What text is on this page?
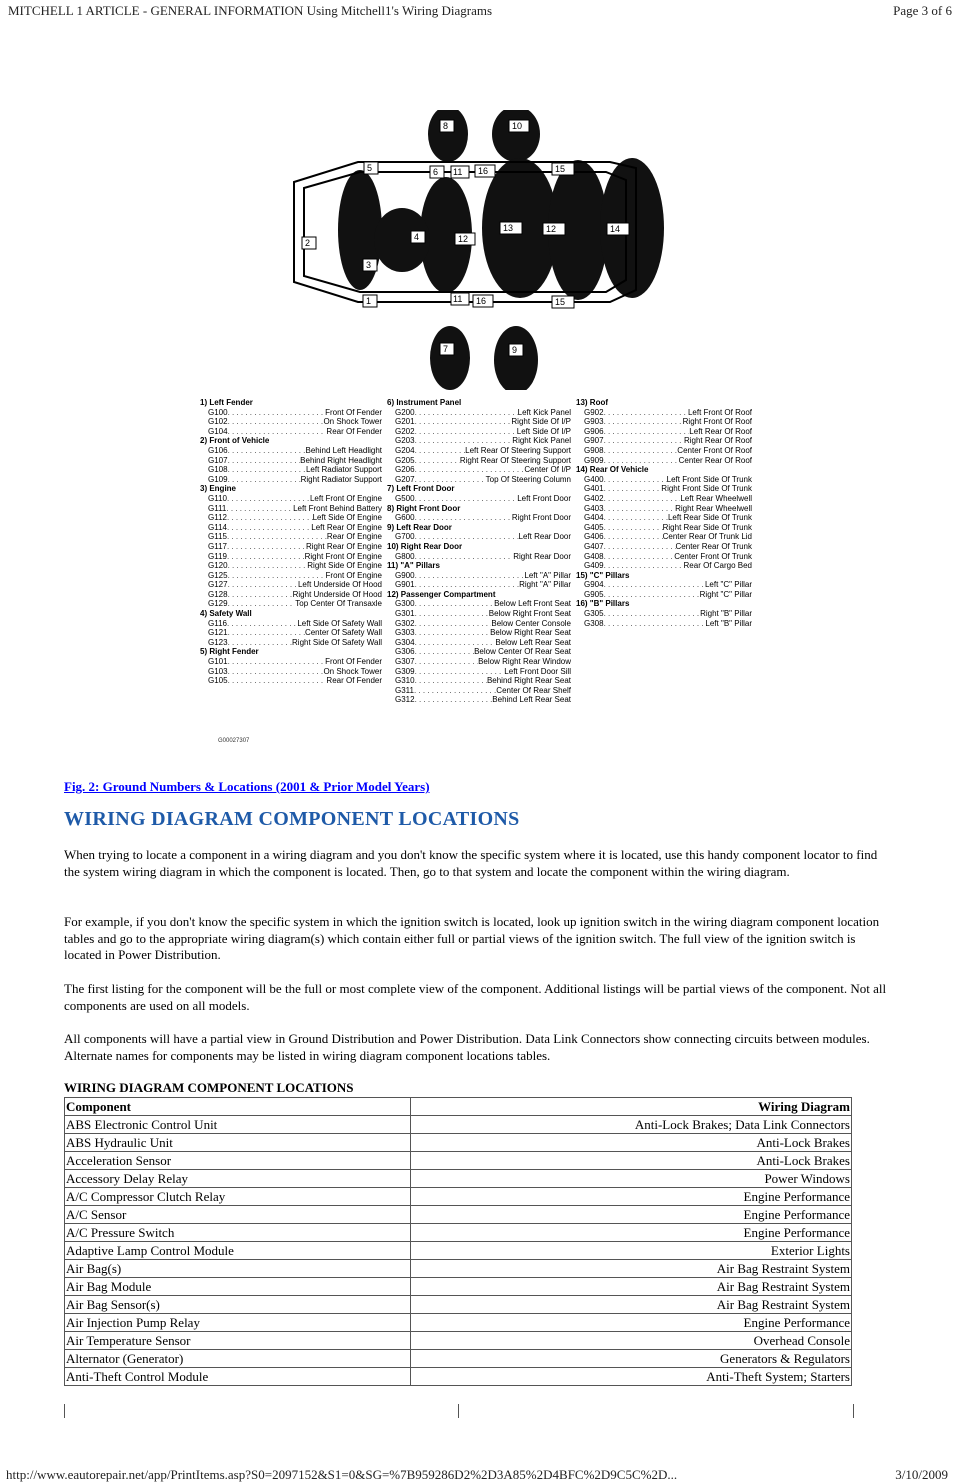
MITCHELL 1 ARTICLE - GENERAL INFORMATION Using Mitchell1's Wiring Diagrams	Page 3 of 6
8	10
5	6 11 16	15
2
4	12
13	12	14
3
1	11 16	15
7	9
1) Left Fender
G100 . . .	Front Of Fender
G102 . . .	On Shock Tower
G104 . . .	Rear Of Fender
2) Front of Vehicle
G106 . . .	Behind Left Headlight
G107 . . .	Behind Right Headlight
G108 . . .	Left Radiator Support
G109 . . .	Right Radiator Support
3) Engine
G110 . . .	Left Front Of Engine
G111 . . .	Left Front Behind Battery
G112 . . .	Left Side Of Engine
G114 . . .	Left Rear Of Engine
G115 . . .	Rear Of Engine
G117 . . .	Right Rear Of Engine
G119 . . .	Right Front Of Engine
G120 . . .	Right Side Of Engine
G125 . . .	Front Of Engine
G127 . . .	Left Underside Of Hood
G128 . . .	Right Underside Of Hood
G129 . . .	Top Center Of Transaxle
4) Safety Wall
G116 . . .	Left Side Of Safety Wall
G121 . . .	Center Of Safety Wall
G123 . . .	Right Side Of Safety Wall
5) Right Fender
G101 . . .	Front Of Fender
G103 . . .	On Shock Tower
G105 . . .	Rear Of Fender
6) Instrument Panel
G200 . . .	Left Kick Panel
G201 . . .	Right Side Of I/P
G202 . . .	Left Side Of I/P
G203 . . .	Right Kick Panel
G204 . . .	Left Rear Of Steering Support
G205 . . .	Right Rear Of Steering Support
G206 . . .	Center Of I/P
G207 . . .	Top Of Steering Column
7) Left Front Door
G500 . . .	Left Front Door
8) Right Front Door
G600 . . .	Right Front Door
9) Left Rear Door
G700 . . .	Left Rear Door
10) Right Rear Door
G800 . . .	Right Rear Door
11) "A" Pillars
G900 . . .	Left "A" Pillar
G901 . . .	Right "A" Pillar
12) Passenger Compartment
G300 . . .	Below Left Front Seat
G301 . . .	Below Right Front Seat
G302 . . .	Below Center Console
G303 . . .	Below Right Rear Seat
G304 . . .	Below Left Rear Seat
G306 . . .	Below Center Of Rear Seat
G307 . . .	Below Right Rear Window
G309 . . .	Left Front Door Sill
G310 . . .	Behind Right Rear Seat
G311 . . .	Center Of Rear Shelf
G312 . . .	Behind Left Rear Seat
13) Roof
G902 . . .	Left Front Of Roof
G903 . . .	Right Front Of Roof
G906 . . .	Left Rear Of Roof
G907 . . .	Right Rear Of Roof
G908 . . .	Center Front Of Roof
G909 . . .	Center Rear Of Roof
14) Rear Of Vehicle
G400 . . .	Left Front Side Of Trunk
G401 . . .	Right Front Side Of Trunk
G402 . . .	Left Rear Wheelwell
G403 . . .	Right Rear Wheelwell
G404 . . .	Left Rear Side Of Trunk
G405 . . .	Right Rear Side Of Trunk
G406 . . .	Center Rear Of Trunk Lid
G407 . . .	Center Rear Of Trunk
G408 . . .	Center Front Of Trunk
G409 . . .	Rear Of Cargo Bed
15) "C" Pillars
G904 . . .	Left "C" Pillar
G905 . . .	Right "C" Pillar
16) "B" Pillars
G305 . . .	Right "B" Pillar
G308 . . .	Left "B" Pillar
G00027307
Fig. 2: Ground Numbers & Locations (2001 & Prior Model Years)
WIRING DIAGRAM COMPONENT LOCATIONS
When trying to locate a component in a wiring diagram and you don't know the specific system where it is located, use this handy component locator to find the system wiring diagram in which the component is located. Then, go to that system and locate the component within the wiring diagram.
For example, if you don't know the specific system in which the ignition switch is located, look up ignition switch in the wiring diagram component location tables and go to the appropriate wiring diagram(s) which contain either full or partial views of the ignition switch. The full view of the ignition switch is located in Power Distribution.
The first listing for the component will be the full or most complete view of the component. Additional listings will be partial views of the component. Not all components are used on all models.
All components will have a partial view in Ground Distribution and Power Distribution. Data Link Connectors show connecting circuits between modules. Alternate names for components may be listed in wiring diagram component locations tables.
WIRING DIAGRAM COMPONENT LOCATIONS
Component	Wiring Diagram
ABS Electronic Control Unit	Anti-Lock Brakes; Data Link Connectors
ABS Hydraulic Unit	Anti-Lock Brakes
Acceleration Sensor	Anti-Lock Brakes
Accessory Delay Relay	Power Windows
A/C Compressor Clutch Relay	Engine Performance
A/C Sensor	Engine Performance
A/C Pressure Switch	Engine Performance
Adaptive Lamp Control Module	Exterior Lights
Air Bag(s)	Air Bag Restraint System
Air Bag Module	Air Bag Restraint System
Air Bag Sensor(s)	Air Bag Restraint System
Air Injection Pump Relay	Engine Performance
Air Temperature Sensor	Overhead Console
Alternator (Generator)	Generators & Regulators
Anti-Theft Control Module	Anti-Theft System; Starters
http://www.eautorepair.net/app/PrintItems.asp?S0=2097152&S1=0&SG=%7B959286D2%2D3A85%2D4BFC%2D9C5C%2D...	3/10/2009
